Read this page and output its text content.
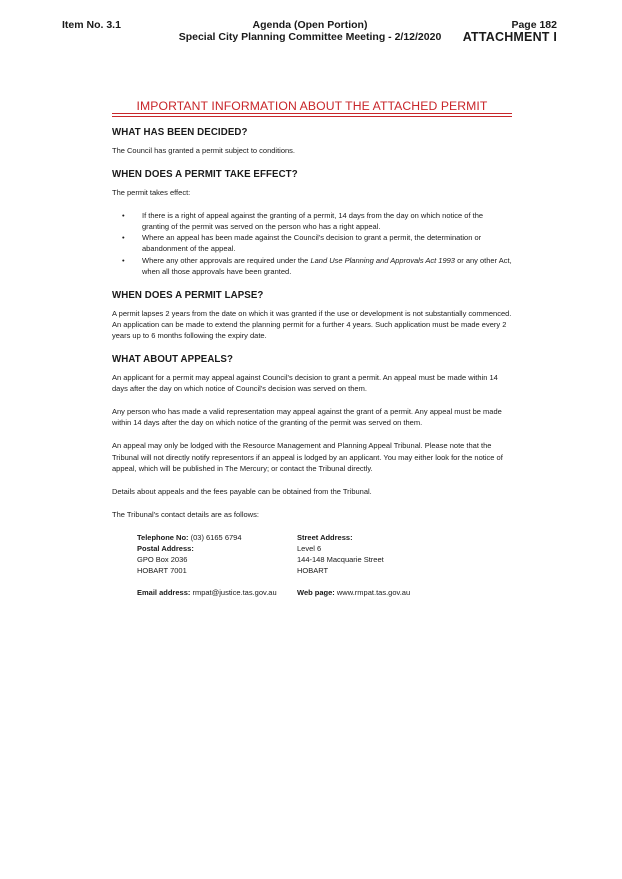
Item No. 3.1	Agenda (Open Portion)
Special City Planning Committee Meeting - 2/12/2020
Page 182
ATTACHMENT I
IMPORTANT INFORMATION ABOUT THE ATTACHED PERMIT
WHAT HAS BEEN DECIDED?

The Council has granted a permit subject to conditions.

WHEN DOES A PERMIT TAKE EFFECT?

The permit takes effect:

• If there is a right of appeal against the granting of a permit, 14 days from the day on which notice of the granting of the permit was served on the person who has a right appeal.
• Where an appeal has been made against the Council's decision to grant a permit, the determination or abandonment of the appeal.
• Where any other approvals are required under the Land Use Planning and Approvals Act 1993 or any other Act, when all those approvals have been granted.
WHEN DOES A PERMIT LAPSE?

A permit lapses 2 years from the date on which it was granted if the use or development is not substantially commenced. An application can be made to extend the planning permit for a further 4 years. Such application must be made every 2 years up to 6 months following the expiry date.

WHAT ABOUT APPEALS?

An applicant for a permit may appeal against Council's decision to grant a permit. An appeal must be made within 14 days after the day on which notice of Council's decision was served on them.

Any person who has made a valid representation may appeal against the grant of a permit. Any appeal must be made within 14 days after the day on which notice of the granting of the permit was served on them.

An appeal may only be lodged with the Resource Management and Planning Appeal Tribunal. Please note that the Tribunal will not directly notify representors if an appeal is lodged by an applicant. You may either look for the notice of appeal, which will be published in The Mercury; or contact the Tribunal directly.

Details about appeals and the fees payable can be obtained from the Tribunal.

The Tribunal's contact details are as follows:

Telephone No: (03) 6165 6794
Postal Address:
GPO Box 2036
HOBART 7001
Email address: rmpat@justice.tas.gov.au
Street Address:
Level 6
144-148 Macquarie Street
HOBART
Web page: www.rmpat.tas.gov.au
